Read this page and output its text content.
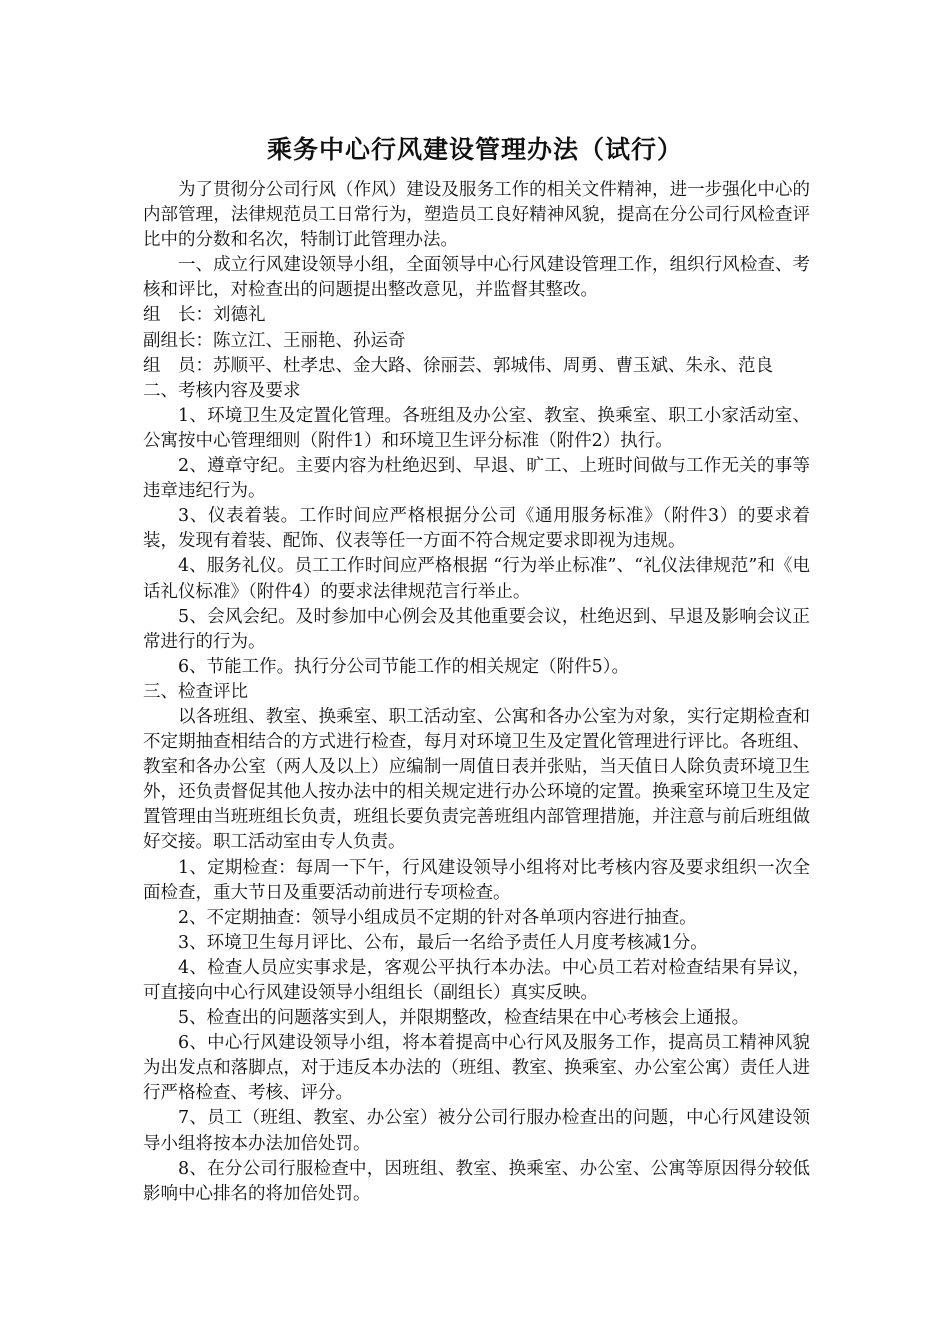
乘务中心行风建设管理办法（试行）

为了贯彻分公司行风（作风）建设及服务工作的相关文件精神，进一步强化中心的内部管理，法律规范员工日常行为，塑造员工良好精神风貌，提高在分公司行风检查评比中的分数和名次，特制订此管理办法。

一、成立行风建设领导小组，全面领导中心行风建设管理工作，组织行风检查、考核和评比，对检查出的问题提出整改意见，并监督其整改。

组　长：刘德礼

副组长：陈立江、王丽艳、孙运奇

组　员：苏顺平、杜孝忠、金大路、徐丽芸、郭城伟、周勇、曹玉斌、朱永、范良

二、考核内容及要求

1、环境卫生及定置化管理。各班组及办公室、教室、换乘室、职工小家活动室、公寓按中心管理细则（附件1）和环境卫生评分标准（附件2）执行。

2、遵章守纪。主要内容为杜绝迟到、早退、旷工、上班时间做与工作无关的事等违章违纪行为。

3、仪表着装。工作时间应严格根据分公司《通用服务标准》（附件3）的要求着装，发现有着装、配饰、仪表等任一方面不符合规定要求即视为违规。

4、服务礼仪。员工工作时间应严格根据 “行为举止标准”、“礼仪法律规范”和《电话礼仪标准》（附件4）的要求法律规范言行举止。

5、会风会纪。及时参加中心例会及其他重要会议，杜绝迟到、早退及影响会议正常进行的行为。

6、节能工作。执行分公司节能工作的相关规定（附件5）。

三、检查评比

以各班组、教室、换乘室、职工活动室、公寓和各办公室为对象，实行定期检查和不定期抽查相结合的方式进行检查，每月对环境卫生及定置化管理进行评比。各班组、教室和各办公室（两人及以上）应编制一周值日表并张贴，当天值日人除负责环境卫生外，还负责督促其他人按办法中的相关规定进行办公环境的定置。换乘室环境卫生及定置管理由当班班组长负责，班组长要负责完善班组内部管理措施，并注意与前后班组做好交接。职工活动室由专人负责。

1、定期检查：每周一下午，行风建设领导小组将对比考核内容及要求组织一次全面检查，重大节日及重要活动前进行专项检查。

2、不定期抽查：领导小组成员不定期的针对各单项内容进行抽查。

3、环境卫生每月评比、公布，最后一名给予责任人月度考核减1分。

4、检查人员应实事求是，客观公平执行本办法。中心员工若对检查结果有异议，可直接向中心行风建设领导小组组长（副组长）真实反映。

5、检查出的问题落实到人，并限期整改，检查结果在中心考核会上通报。

6、中心行风建设领导小组，将本着提高中心行风及服务工作，提高员工精神风貌为出发点和落脚点，对于违反本办法的（班组、教室、换乘室、办公室公寓）责任人进行严格检查、考核、评分。

7、员工（班组、教室、办公室）被分公司行服办检查出的问题，中心行风建设领导小组将按本办法加倍处罚。

8、在分公司行服检查中，因班组、教室、换乘室、办公室、公寓等原因得分较低影响中心排名的将加倍处罚。
